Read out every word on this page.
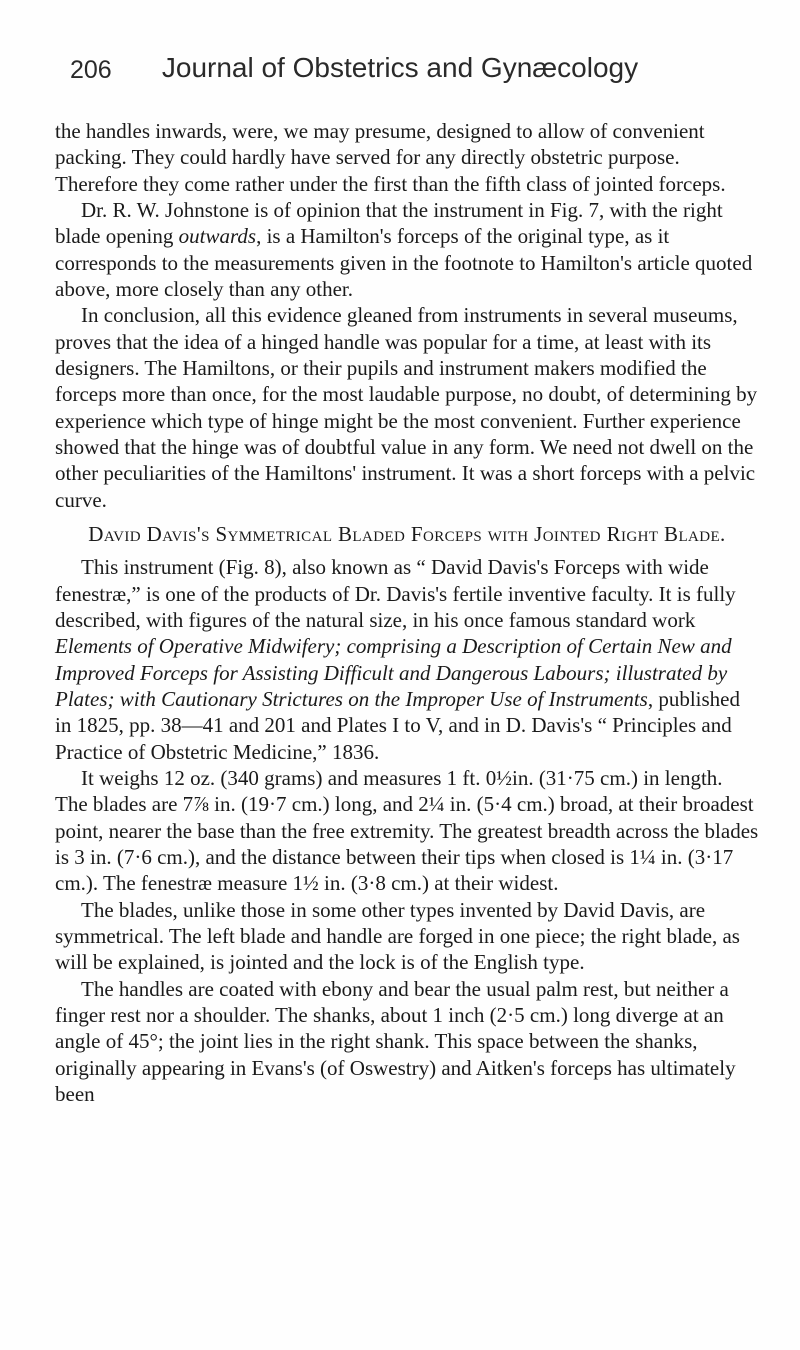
206	Journal of Obstetrics and Gynæcology

the handles inwards, were, we may presume, designed to allow of convenient packing. They could hardly have served for any directly obstetric purpose. Therefore they come rather under the first than the fifth class of jointed forceps.

Dr. R. W. Johnstone is of opinion that the instrument in Fig. 7, with the right blade opening outwards, is a Hamilton's forceps of the original type, as it corresponds to the measurements given in the footnote to Hamilton's article quoted above, more closely than any other.

In conclusion, all this evidence gleaned from instruments in several museums, proves that the idea of a hinged handle was popular for a time, at least with its designers. The Hamiltons, or their pupils and instrument makers modified the forceps more than once, for the most laudable purpose, no doubt, of determining by experience which type of hinge might be the most convenient. Further experience showed that the hinge was of doubtful value in any form. We need not dwell on the other peculiarities of the Hamiltons' instrument. It was a short forceps with a pelvic curve.

David Davis's Symmetrical Bladed Forceps with Jointed Right Blade.

This instrument (Fig. 8), also known as “ David Davis's Forceps with wide fenestræ,” is one of the products of Dr. Davis's fertile inventive faculty. It is fully described, with figures of the natural size, in his once famous standard work Elements of Operative Midwifery; comprising a Description of Certain New and Improved Forceps for Assisting Difficult and Dangerous Labours; illustrated by Plates; with Cautionary Strictures on the Improper Use of Instruments, published in 1825, pp. 38—41 and 201 and Plates I to V, and in D. Davis's “ Principles and Practice of Obstetric Medicine,” 1836.

It weighs 12 oz. (340 grams) and measures 1 ft. 0½in. (31·75 cm.) in length. The blades are 7⅞ in. (19·7 cm.) long, and 2¼ in. (5·4 cm.) broad, at their broadest point, nearer the base than the free extremity. The greatest breadth across the blades is 3 in. (7·6 cm.), and the distance between their tips when closed is 1¼ in. (3·17 cm.). The fenestræ measure 1½ in. (3·8 cm.) at their widest.

The blades, unlike those in some other types invented by David Davis, are symmetrical. The left blade and handle are forged in one piece; the right blade, as will be explained, is jointed and the lock is of the English type.

The handles are coated with ebony and bear the usual palm rest, but neither a finger rest nor a shoulder. The shanks, about 1 inch (2·5 cm.) long diverge at an angle of 45°; the joint lies in the right shank. This space between the shanks, originally appearing in Evans's (of Oswestry) and Aitken's forceps has ultimately been
